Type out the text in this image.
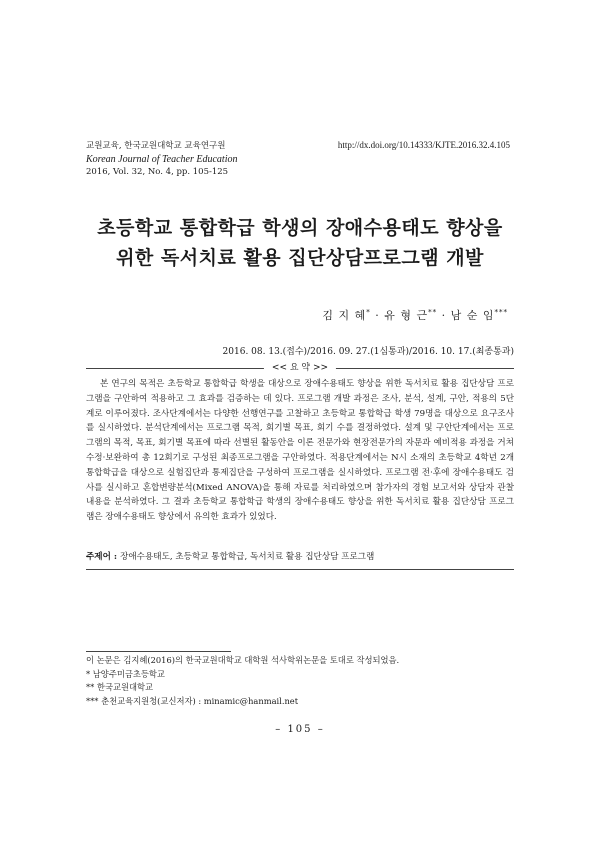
교원교육, 한국교원대학교 교육연구원
Korean Journal of Teacher Education
2016, Vol. 32, No. 4, pp. 105-125
http://dx.doi.org/10.14333/KJTE.2016.32.4.105
초등학교 통합학급 학생의 장애수용태도 향상을
위한 독서치료 활용 집단상담프로그램 개발
김 지 혜* · 유 형 근** · 남 순 임***
2016. 08. 13.(접수)/2016. 09. 27.(1심통과)/2016. 10. 17.(최종통과)
<< 요 약 >>

본 연구의 목적은 초등학교 통합학급 학생을 대상으로 장애수용태도 향상을 위한 독서치료 활용 집단상담 프로그램을 구안하여 적용하고 그 효과를 검증하는 데 있다. 프로그램 개발 과정은 조사, 분석, 설계, 구안, 적용의 5단계로 이루어졌다. 조사단계에서는 다양한 선행연구를 고찰하고 초등학교 통합학급 학생 79명을 대상으로 요구조사를 실시하였다. 분석단계에서는 프로그램 목적, 회기별 목표, 회기 수를 결정하였다. 설계 및 구안단계에서는 프로그램의 목적, 목표, 회기별 목표에 따라 선별된 활동안을 이론 전문가와 현장전문가의 자문과 예비적용 과정을 거쳐 수정·보완하여 총 12회기로 구성된 최종프로그램을 구안하였다. 적용단계에서는 N시 소재의 초등학교 4학년 2개 통합학급을 대상으로 실험집단과 통제집단을 구성하여 프로그램을 실시하였다. 프로그램 전·후에 장애수용태도 검사를 실시하고 혼합변량분석(Mixed ANOVA)을 통해 자료를 처리하였으며 참가자의 경험 보고서와 상담자 관찰내용을 분석하였다. 그 결과 초등학교 통합학급 학생의 장애수용태도 향상을 위한 독서치료 활용 집단상담 프로그램은 장애수용태도 향상에서 유의한 효과가 있었다.

주제어 : 장애수용태도, 초등학교 통합학급, 독서치료 활용 집단상담 프로그램
이 논문은 김지혜(2016)의 한국교원대학교 대학원 석사학위논문을 토대로 작성되었음.
* 남양주미금초등학교
** 한국교원대학교
*** 춘천교육지원청(교신저자) : minamic@hanmail.net
– 105 –
